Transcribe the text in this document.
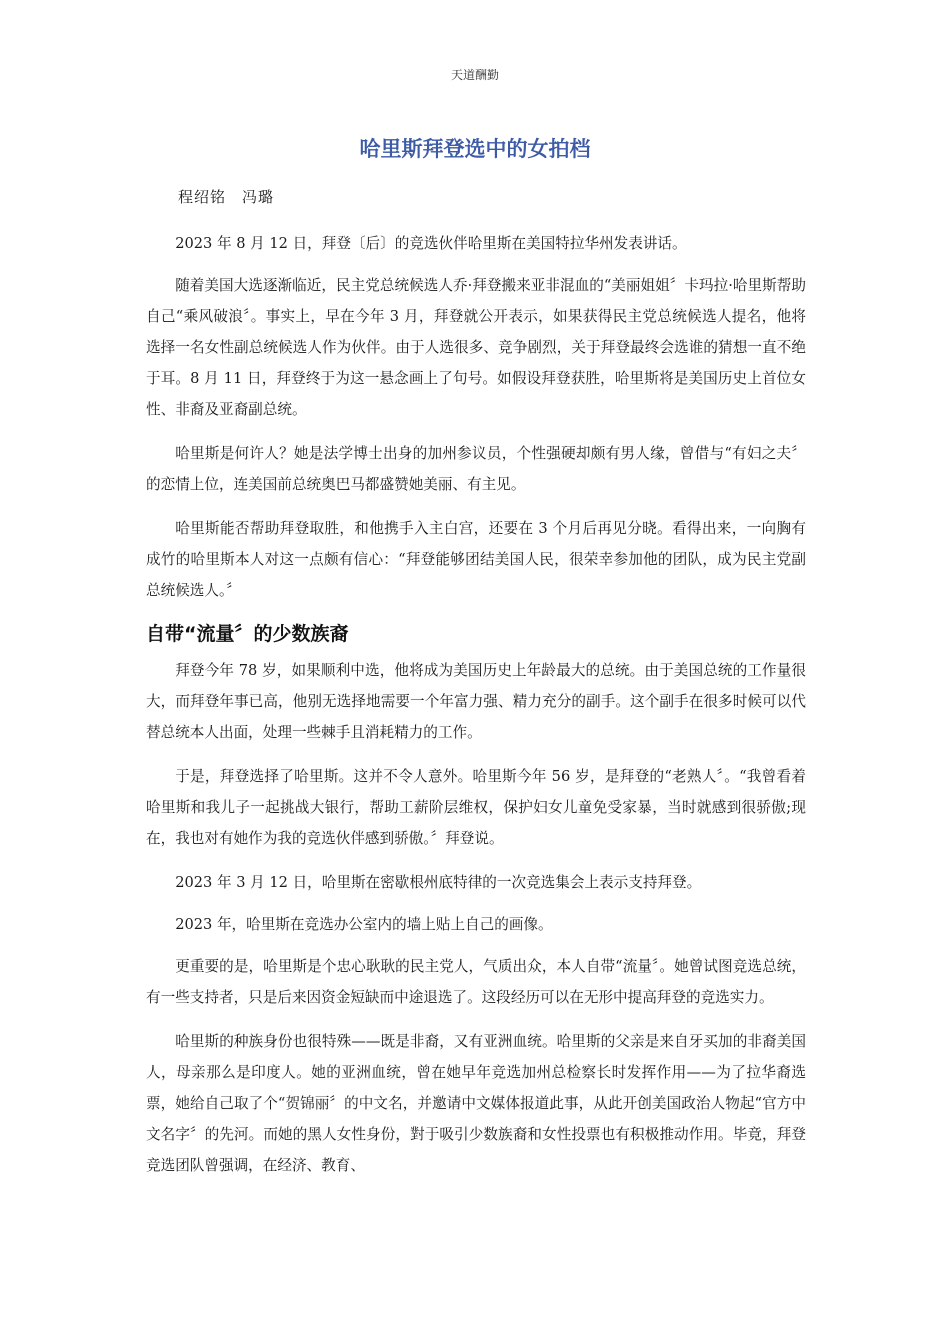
天道酬勤
哈里斯拜登选中的女拍档
程绍铭　冯璐

2023 年 8 月 12 日，拜登〔后〕的竞选伙伴哈里斯在美国特拉华州发表讲话。

随着美国大选逐渐临近，民主党总统候选人乔·拜登搬来亚非混血的“美丽姐姐〞卡玛拉·哈里斯帮助自己“乘风破浪〞。事实上，早在今年 3 月，拜登就公开表示，如果获得民主党总统候选人提名，他将选择一名女性副总统候选人作为伙伴。由于人选很多、竞争剧烈，关于拜登最终会选谁的猜想一直不绝于耳。8 月 11 日，拜登终于为这一悬念画上了句号。如假设拜登获胜，哈里斯将是美国历史上首位女性、非裔及亚裔副总统。

哈里斯是何许人？她是法学博士出身的加州参议员，个性强硬却颇有男人缘，曾借与“有妇之夫〞的恋情上位，连美国前总统奥巴马都盛赞她美丽、有主见。

哈里斯能否帮助拜登取胜，和他携手入主白宫，还要在 3 个月后再见分晓。看得出来，一向胸有成竹的哈里斯本人对这一点颇有信心：“拜登能够团结美国人民，很荣幸参加他的团队，成为民主党副总统候选人。〞

自带“流量〞的少数族裔

拜登今年 78 岁，如果顺利中选，他将成为美国历史上年龄最大的总统。由于美国总统的工作量很大，而拜登年事已高，他别无选择地需要一个年富力强、精力充分的副手。这个副手在很多时候可以代替总统本人出面，处理一些棘手且消耗精力的工作。

于是，拜登选择了哈里斯。这并不令人意外。哈里斯今年 56 岁，是拜登的“老熟人〞。“我曾看着哈里斯和我儿子一起挑战大银行，帮助工薪阶层维权，保护妇女儿童免受家暴，当时就感到很骄傲;现在，我也对有她作为我的竞选伙伴感到骄傲。〞拜登说。

2023 年 3 月 12 日，哈里斯在密歇根州底特律的一次竞选集会上表示支持拜登。

2023 年，哈里斯在竞选办公室内的墙上贴上自己的画像。

更重要的是，哈里斯是个忠心耿耿的民主党人，气质出众，本人自带“流量〞。她曾试图竞选总统，有一些支持者，只是后来因资金短缺而中途退选了。这段经历可以在无形中提高拜登的竞选实力。

哈里斯的种族身份也很特殊——既是非裔，又有亚洲血统。哈里斯的父亲是来自牙买加的非裔美国人，母亲那么是印度人。她的亚洲血统，曾在她早年竞选加州总检察长时发挥作用——为了拉华裔选票，她给自己取了个“贺锦丽〞的中文名，并邀请中文媒体报道此事，从此开创美国政治人物起“官方中文名字〞的先河。而她的黑人女性身份，對于吸引少数族裔和女性投票也有积极推动作用。毕竟，拜登竞选团队曾强调，在经济、教育、
